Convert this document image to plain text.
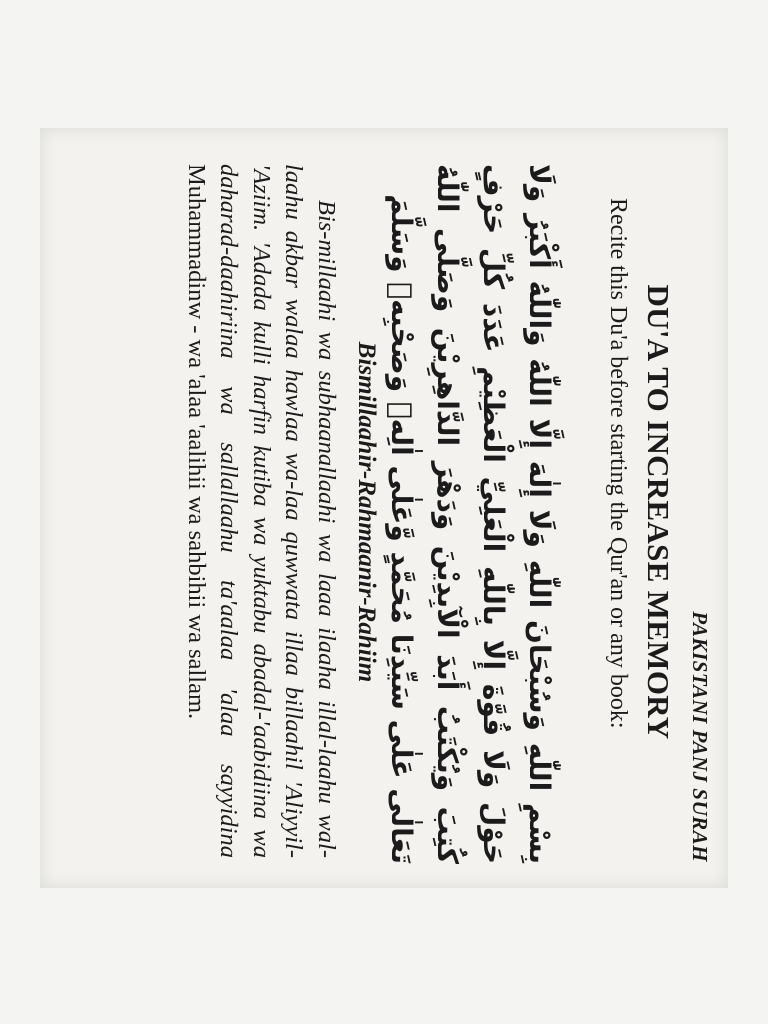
PAKISTANI PANJ SURAH
DU'A TO INCREASE MEMORY
Recite this Du'a before starting the Qur'an or any book:
بِسْمِ اللّٰهِ وَسُبْحَانَ اللّٰهِ وَلَا إِلٰهَ إِلَّا اللّٰهُ وَاللّٰهُ أَكْبَرُ وَلَا حَوْلَ وَلَا قُوَّةَ إِلَّا بِاللّٰهِ الْعَلِيِّ الْعَظِيْمِ عَدَدَ كُلِّ حَرْفٍ كُتِبَ وَيُكْتَبُ أَبَدَ الْآبِدِيْنَ وَدَهْرَ الدَّاهِرِيْنَ وَصَلَّى اللّٰهُ تَعَالٰى عَلٰى سَيِّدِنَا مُحَمَّدٍ وَّعَلٰى اٰلِهٖ وَصَحْبِهٖ وَسَلَّمَ
Bismillaahir-Rahmaanir-Rahiim
Bis-millaahi wa subhaanallaahi wa laaa ilaaha illal-laahu wal-laahu akbar walaa hawlaa wa-laa quwwata illaa billaahil 'Aliyyil-'Aziim. 'Adada kulli harfin kutiba wa yuktabu abadal-'aabidiina wa daharad-daahiriina wa sallallaahu ta'aalaa 'alaa sayyidina Muhammadinw - wa 'alaa 'aalihii wa sahbihii wa sallam.
